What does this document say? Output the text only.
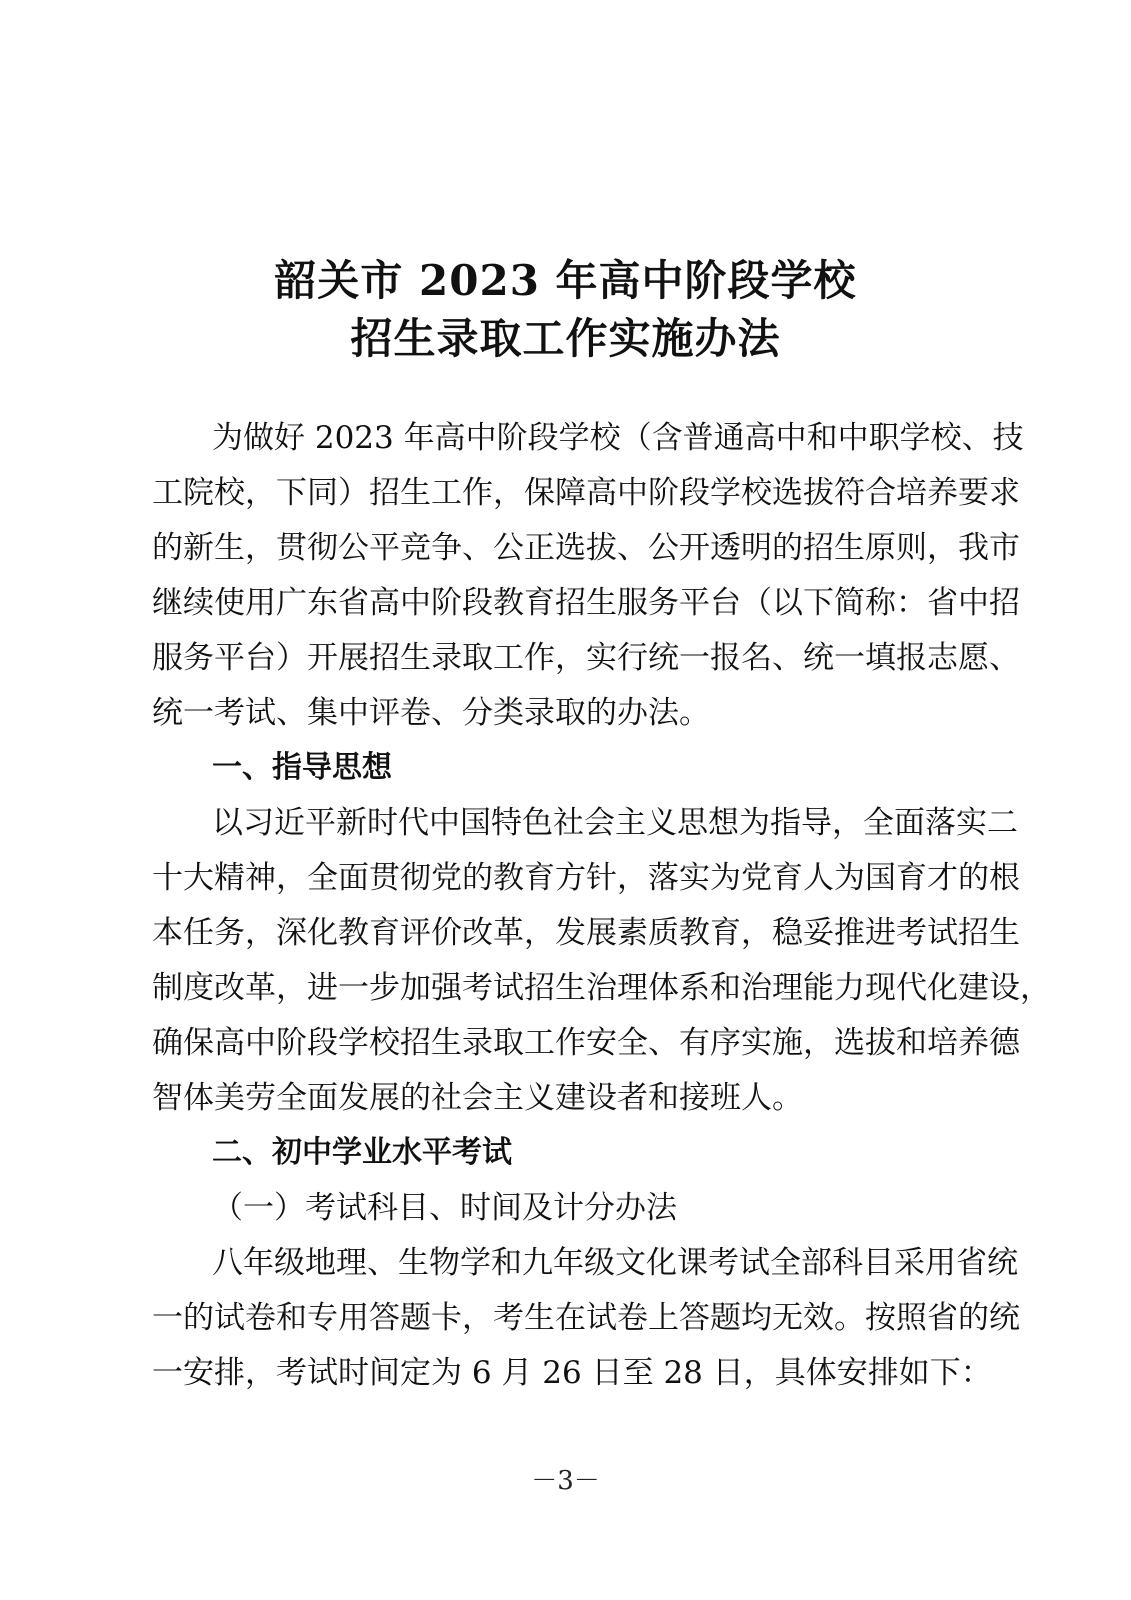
韶关市 2023 年高中阶段学校
招生录取工作实施办法
为做好 2023 年高中阶段学校（含普通高中和中职学校、技
工院校，下同）招生工作，保障高中阶段学校选拔符合培养要求
的新生，贯彻公平竞争、公正选拔、公开透明的招生原则，我市
继续使用广东省高中阶段教育招生服务平台（以下简称：省中招
服务平台）开展招生录取工作，实行统一报名、统一填报志愿、
统一考试、集中评卷、分类录取的办法。
一、指导思想
以习近平新时代中国特色社会主义思想为指导，全面落实二
十大精神，全面贯彻党的教育方针，落实为党育人为国育才的根
本任务，深化教育评价改革，发展素质教育，稳妥推进考试招生
制度改革，进一步加强考试招生治理体系和治理能力现代化建设，
确保高中阶段学校招生录取工作安全、有序实施，选拔和培养德
智体美劳全面发展的社会主义建设者和接班人。
二、初中学业水平考试
（一）考试科目、时间及计分办法
八年级地理、生物学和九年级文化课考试全部科目采用省统
一的试卷和专用答题卡，考生在试卷上答题均无效。按照省的统
一安排，考试时间定为 6 月 26 日至 28 日，具体安排如下：
－3－
